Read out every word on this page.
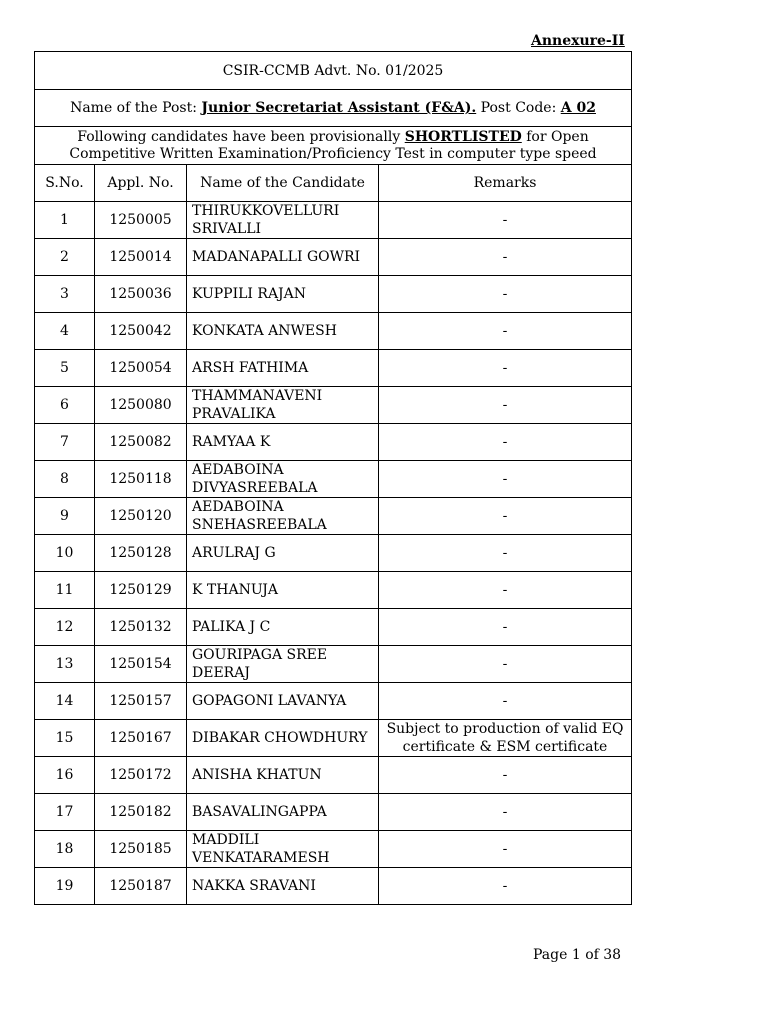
Annexure-II
CSIR-CCMB Advt. No. 01/2025			
Name of the Post: Junior Secretariat Assistant (F&A). Post Code: A 02			
Following candidates have been provisionally SHORTLISTED for Open Competitive Written Examination/Proficiency Test in computer type speed			
S.No.	Appl. No.	Name of the Candidate	Remarks
1	1250005	THIRUKKOVELLURI SRIVALLI	-
2	1250014	MADANAPALLI GOWRI	-
3	1250036	KUPPILI RAJAN	-
4	1250042	KONKATA ANWESH	-
5	1250054	ARSH FATHIMA	-
6	1250080	THAMMANAVENI PRAVALIKA	-
7	1250082	RAMYAA K	-
8	1250118	AEDABOINA DIVYASREEBALA	-
9	1250120	AEDABOINA SNEHASREEBALA	-
10	1250128	ARULRAJ G	-
11	1250129	K THANUJA	-
12	1250132	PALIKA J C	-
13	1250154	GOURIPAGA SREE DEERAJ	-
14	1250157	GOPAGONI LAVANYA	-
15	1250167	DIBAKAR CHOWDHURY	Subject to production of valid EQ certificate & ESM certificate
16	1250172	ANISHA KHATUN	-
17	1250182	BASAVALINGAPPA	-
18	1250185	MADDILI VENKATARAMESH	-
19	1250187	NAKKA SRAVANI	-
Page 1 of 38
